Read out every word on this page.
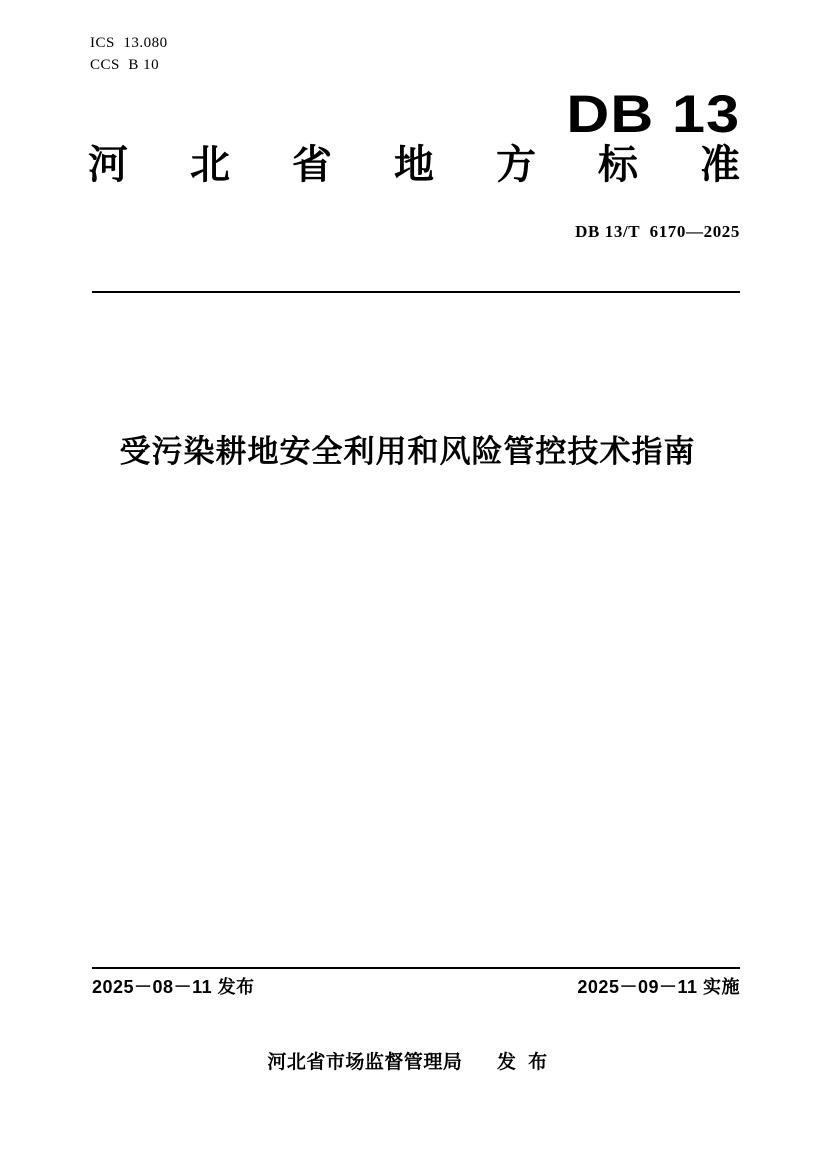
ICS  13.080
CCS  B 10
DB 13
河 北 省 地 方 标 准
DB 13/T  6170—2025
受污染耕地安全利用和风险管控技术指南
2025－08－11 发布	2025－09－11 实施
河北省市场监督管理局      发  布
